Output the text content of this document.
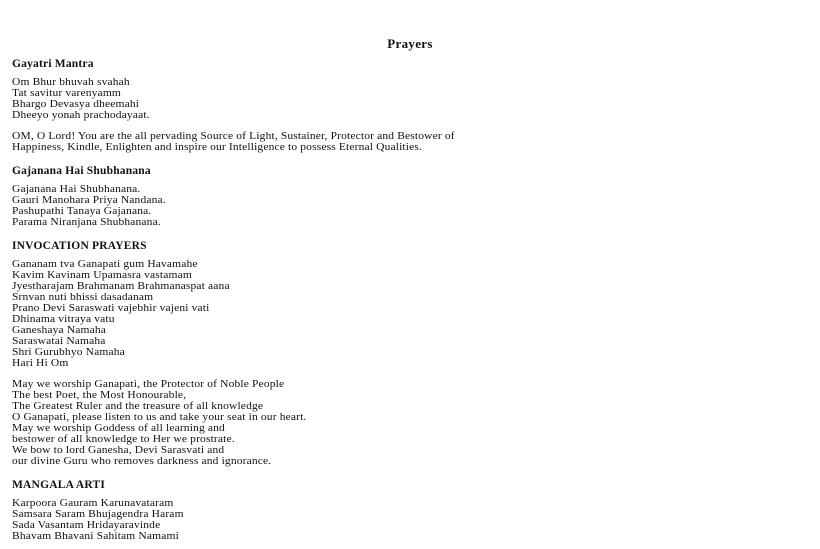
Prayers
Gayatri Mantra
Om Bhur bhuvah svahah
Tat savitur varenyamm
Bhargo Devasya dheemahi
Dheeyo yonah prachodayaat.
OM, O Lord! You are the all pervading Source of Light, Sustainer, Protector and Bestower of
Happiness, Kindle, Enlighten and inspire our Intelligence to possess Eternal Qualities.
Gajanana Hai Shubhanana
Gajanana Hai Shubhanana.
Gauri Manohara Priya Nandana.
Pashupathi Tanaya Gajanana.
Parama Niranjana Shubhanana.
INVOCATION PRAYERS
Gananam tva Ganapati gum Havamahe
Kavim Kavinam Upamasra vastamam
Jyestharajam Brahmanam Brahmanaspat aana
Srnvan nuti bhissi dasadanam
Prano Devi Saraswati vajebhir vajeni vati
Dhinama vitraya vatu
Ganeshaya Namaha
Saraswatai Namaha
Shri Gurubhyo Namaha
Hari Hi Om
May we worship Ganapati, the Protector of Noble People
The best Poet, the Most Honourable,
The Greatest Ruler and the treasure of all knowledge
O Ganapati, please listen to us and take your seat in our heart.
May we worship Goddess of all learning and
bestower of all knowledge to Her we prostrate.
We bow to lord Ganesha, Devi Sarasvati and
our divine Guru who removes darkness and ignorance.
MANGALA ARTI
Karpoora Gauram Karunavataram
Samsara Saram Bhujagendra Haram
Sada Vasantam Hridayaravinde
Bhavam Bhavani Sahitam Namami
